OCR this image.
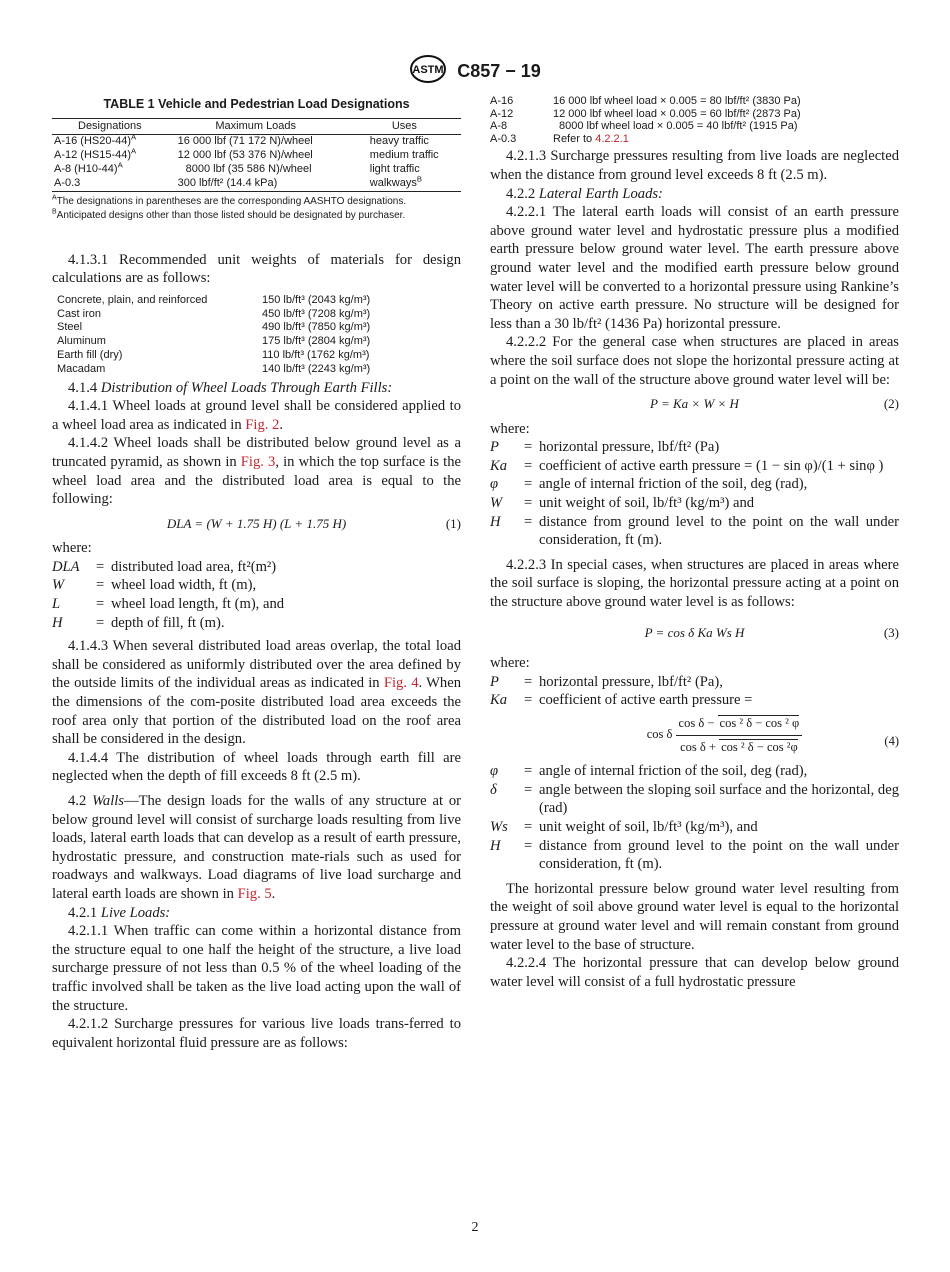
ASTM C857 − 19
TABLE 1 Vehicle and Pedestrian Load Designations
Designations	Maximum Loads	Uses
A-16 $(HS20-44)^A$	16 000 lbf (71 172 N)/wheel	heavy traffic
A-12 $(HS15-44)^A$	12 000 lbf (53 376 N)/wheel	medium traffic
A-8 $(H10-44)^A$	8000 lbf (35 586 N)/wheel	light traffic
A-0.3	300 lbf/ft² (14.4 kPa)	walkways$^B$

$^A$The designations in parentheses are the corresponding AASHTO designations.

$^B$Anticipated designs other than those listed should be designated by purchaser.

4.1.3.1 Recommended unit weights of materials for design calculations are as follows:

Concrete, plain, and reinforced	150 lb/ft³ (2043 kg/m³)
Cast iron	450 lb/ft³ (7208 kg/m³)
Steel	490 lb/ft³ (7850 kg/m³)
Aluminum	175 lb/ft³ (2804 kg/m³)
Earth fill (dry)	110 lb/ft³ (1762 kg/m³)
Macadam	140 lb/ft³ (2243 kg/m³)

4.1.4 Distribution of Wheel Loads Through Earth Fills:

4.1.4.1 Wheel loads at ground level shall be considered applied to a wheel load area as indicated in Fig. 2.

4.1.4.2 Wheel loads shall be distributed below ground level as a truncated pyramid, as shown in Fig. 3, in which the top surface is the wheel load area and the distributed load area is equal to the following:

DLA = (W + 1.75 H) (L + 1.75 H)	(1)

where:

DLA	=	distributed load area, ft²(m²)
W	=	wheel load width, ft (m),
L	=	wheel load length, ft (m), and
H	=	depth of fill, ft (m).

4.1.4.3 When several distributed load areas overlap, the total load shall be considered as uniformly distributed over the area defined by the outside limits of the individual areas as indicated in Fig. 4. When the dimensions of the com-posite distributed load area exceeds the roof area only that portion of the distributed load on the roof area shall be considered in the design.

4.1.4.4 The distribution of wheel loads through earth fill are neglected when the depth of fill exceeds 8 ft (2.5 m).

4.2 Walls—The design loads for the walls of any structure at or below ground level will consist of surcharge loads resulting from live loads, lateral earth loads that can develop as a result of earth pressure, hydrostatic pressure, and construction mate-rials such as used for roadways and walkways. Load diagrams of live load surcharge and lateral earth loads are shown in Fig. 5.

4.2.1 Live Loads:

4.2.1.1 When traffic can come within a horizontal distance from the structure equal to one half the height of the structure, a live load surcharge pressure of not less than 0.5 % of the wheel loading of the traffic involved shall be taken as the live load acting upon the wall of the structure.

4.2.1.2 Surcharge pressures for various live loads trans-ferred to equivalent horizontal fluid pressure are as follows:

A-16	16 000 lbf wheel load × 0.005 = 80 lbf/ft² (3830 Pa)
A-12	12 000 lbf wheel load × 0.005 = 60 lbf/ft² (2873 Pa)
A-8	8000 lbf wheel load × 0.005 = 40 lbf/ft² (1915 Pa)
A-0.3	Refer to 4.2.2.1

4.2.1.3 Surcharge pressures resulting from live loads are neglected when the distance from ground level exceeds 8 ft (2.5 m).

4.2.2 Lateral Earth Loads:

4.2.2.1 The lateral earth loads will consist of an earth pressure above ground water level and hydrostatic pressure plus a modified earth pressure below ground water level. The earth pressure above ground water level and the modified earth pressure below ground water level will be converted to a horizontal pressure using Rankine’s Theory on active earth pressure. No structure will be designed for less than a 30 lb/ft² (1436 Pa) horizontal pressure.

4.2.2.2 For the general case when structures are placed in areas where the soil surface does not slope the horizontal pressure acting at a point on the wall of the structure above ground water level will be:

P = Ka × W × H	(2)

where:

P	=	horizontal pressure, lbf/ft² (Pa)
Ka	=	coefficient of active earth pressure = (1 − sin φ)/(1 + sinφ )
φ	=	angle of internal friction of the soil, deg (rad),
W	=	unit weight of soil, lb/ft³ (kg/m³) and
H	=	distance from ground level to the point on the wall under consideration, ft (m).

4.2.2.3 In special cases, when structures are placed in areas where the soil surface is sloping, the horizontal pressure acting at a point on the structure above ground water level is as follows:

P = cos δ Ka Ws H	(3)

where:

P	=	horizontal pressure, lbf/ft² (Pa),
Ka	=	coefficient of active earth pressure =
cos δ $\frac{\text{cos δ − cos ² δ − cos ² φ}}{\text{cos δ + cos ² δ − cos ²φ}}$	(4)
φ	=	angle of internal friction of the soil, deg (rad),
δ	=	angle between the sloping soil surface and the horizontal, deg (rad)
Ws	=	unit weight of soil, lb/ft³ (kg/m³), and
H	=	distance from ground level to the point on the wall under consideration, ft (m).

The horizontal pressure below ground water level resulting from the weight of soil above ground water level is equal to the horizontal pressure at ground water level and will remain constant from ground water level to the base of structure.

4.2.2.4 The horizontal pressure that can develop below ground water level will consist of a full hydrostatic pressure

2
